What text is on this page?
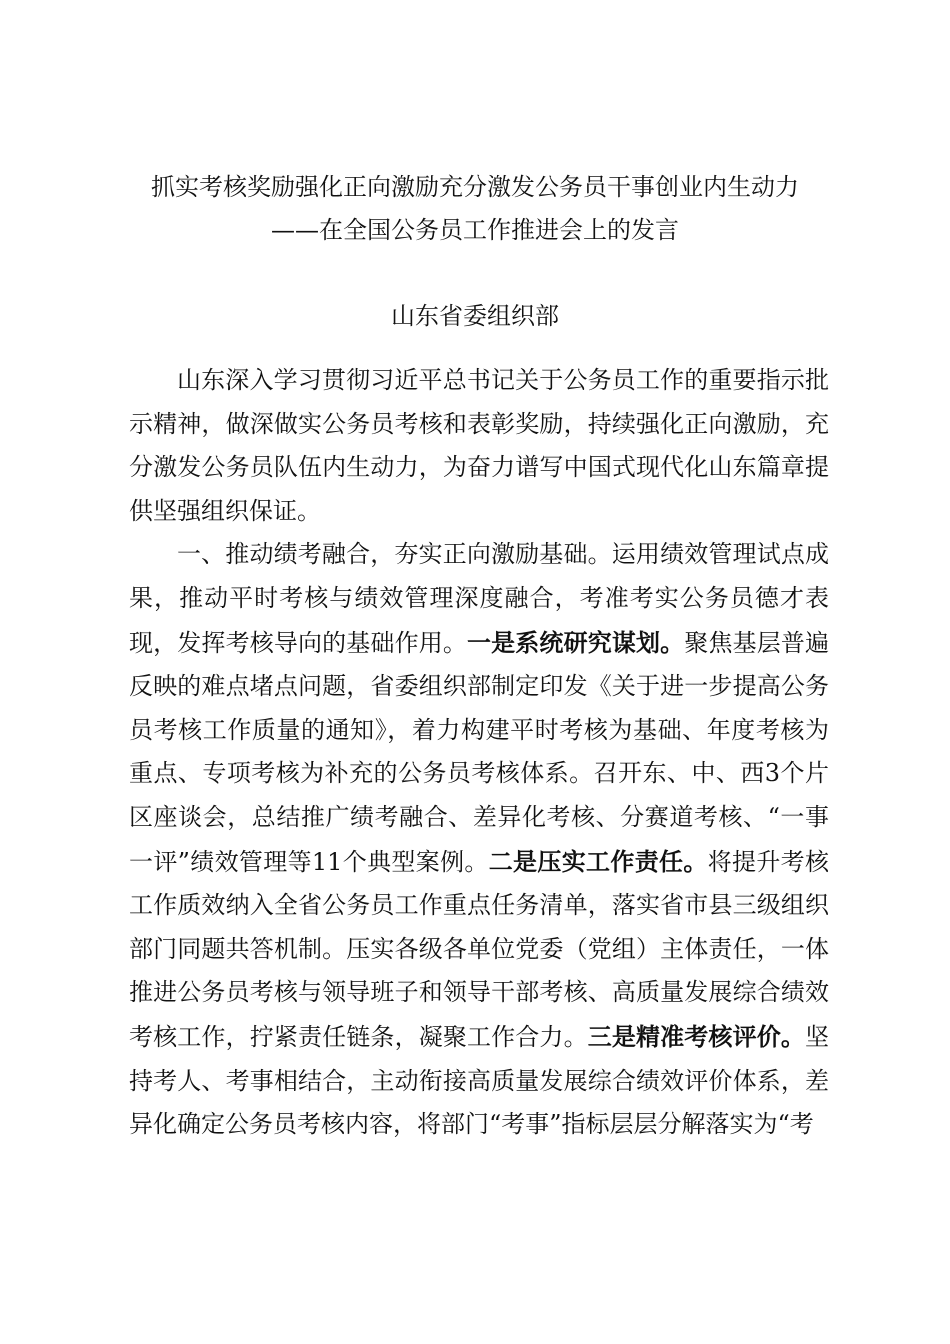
抓实考核奖励强化正向激励充分激发公务员干事创业内生动力
——在全国公务员工作推进会上的发言
山东省委组织部

山东深入学习贯彻习近平总书记关于公务员工作的重要指示批示精神，做深做实公务员考核和表彰奖励，持续强化正向激励，充分激发公务员队伍内生动力，为奋力谱写中国式现代化山东篇章提供坚强组织保证。

一、推动绩考融合，夯实正向激励基础。运用绩效管理试点成果，推动平时考核与绩效管理深度融合，考准考实公务员德才表现，发挥考核导向的基础作用。一是系统研究谋划。聚焦基层普遍反映的难点堵点问题，省委组织部制定印发《关于进一步提高公务员考核工作质量的通知》，着力构建平时考核为基础、年度考核为重点、专项考核为补充的公务员考核体系。召开东、中、西3个片区座谈会，总结推广绩考融合、差异化考核、分赛道考核、“一事一评”绩效管理等11个典型案例。二是压实工作责任。将提升考核工作质效纳入全省公务员工作重点任务清单，落实省市县三级组织部门同题共答机制。压实各级各单位党委（党组）主体责任，一体推进公务员考核与领导班子和领导干部考核、高质量发展综合绩效考核工作，拧紧责任链条，凝聚工作合力。三是精准考核评价。坚持考人、考事相结合，主动衔接高质量发展综合绩效评价体系，差异化确定公务员考核内容，将部门“考事”指标层层分解落实为“考
